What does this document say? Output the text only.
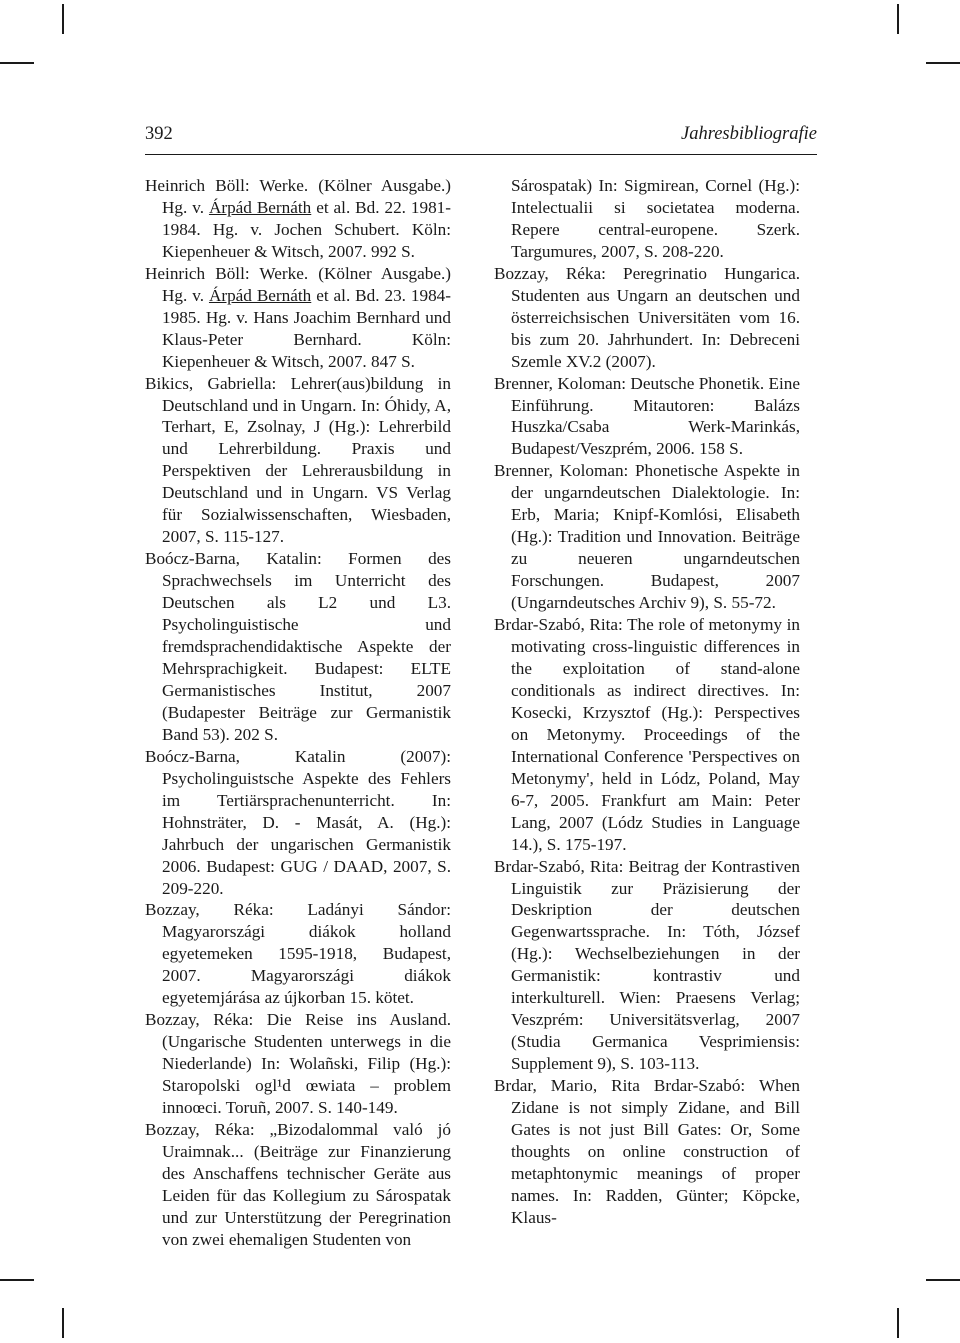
392	Jahresbibliografie

Heinrich Böll: Werke. (Kölner Ausgabe.) Hg. v. Árpád Bernáth et al. Bd. 22. 1981-1984. Hg. v. Jochen Schubert. Köln: Kiepenheuer & Witsch, 2007. 992 S.

Heinrich Böll: Werke. (Kölner Ausgabe.) Hg. v. Árpád Bernáth et al. Bd. 23. 1984-1985. Hg. v. Hans Joachim Bernhard und Klaus-Peter Bernhard. Köln: Kiepenheuer & Witsch, 2007. 847 S.

Bikics, Gabriella: Lehrer(aus)bildung in Deutschland und in Ungarn. In: Óhidy, A, Terhart, E, Zsolnay, J (Hg.): Lehrerbild und Lehrerbildung. Praxis und Perspektiven der Lehrerausbildung in Deutschland und in Ungarn. VS Verlag für Sozialwissenschaften, Wiesbaden, 2007, S. 115-127.

Boócz-Barna, Katalin: Formen des Sprachwechsels im Unterricht des Deutschen als L2 und L3. Psycholinguistische und fremdsprachendidaktische Aspekte der Mehrsprachigkeit. Budapest: ELTE Germanistisches Institut, 2007 (Budapester Beiträge zur Germanistik Band 53). 202 S.

Boócz-Barna, Katalin (2007): Psycholinguistsche Aspekte des Fehlers im Tertiärsprachenunterricht. In: Hohnsträter, D. - Masát, A. (Hg.): Jahrbuch der ungarischen Germanistik 2006. Budapest: GUG / DAAD, 2007, S. 209-220.

Bozzay, Réka: Ladányi Sándor: Magyarországi diákok holland egyetemeken 1595-1918, Budapest, 2007. Magyarországi diákok egyetemjárása az újkorban 15. kötet.

Bozzay, Réka: Die Reise ins Ausland. (Ungarische Studenten unterwegs in die Niederlande) In: Wolañski, Filip (Hg.): Staropolski ogl¹d œwiata – problem innoœci. Toruñ, 2007. S. 140-149.

Bozzay, Réka: „Bizodalommal való jó Uraimnak... (Beiträge zur Finanzierung des Anschaffens technischer Geräte aus Leiden für das Kollegium zu Sárospatak und zur Unterstützung der Peregrination von zwei ehemaligen Studenten von

Sárospatak) In: Sigmirean, Cornel (Hg.): Intelectualii si societatea moderna. Repere central-europene. Szerk. Targumures, 2007, S. 208-220.

Bozzay, Réka: Peregrinatio Hungarica. Studenten aus Ungarn an deutschen und österreichsischen Universitäten vom 16. bis zum 20. Jahrhundert. In: Debreceni Szemle XV.2 (2007).

Brenner, Koloman: Deutsche Phonetik. Eine Einführung. Mitautoren: Balázs Huszka/Csaba Werk-Marinkás, Budapest/Veszprém, 2006. 158 S.

Brenner, Koloman: Phonetische Aspekte in der ungarndeutschen Dialektologie. In: Erb, Maria; Knipf-Komlósi, Elisabeth (Hg.): Tradition und Innovation. Beiträge zu neueren ungarndeutschen Forschungen. Budapest, 2007 (Ungarndeutsches Archiv 9), S. 55-72.

Brdar-Szabó, Rita: The role of metonymy in motivating cross-linguistic differences in the exploitation of stand-alone conditionals as indirect directives. In: Kosecki, Krzysztof (Hg.): Perspectives on Metonymy. Proceedings of the International Conference 'Perspectives on Metonymy', held in Lódz, Poland, May 6-7, 2005. Frankfurt am Main: Peter Lang, 2007 (Lódz Studies in Language 14.), S. 175-197.

Brdar-Szabó, Rita: Beitrag der Kontrastiven Linguistik zur Präzisierung der Deskription der deutschen Gegenwartssprache. In: Tóth, József (Hg.): Wechselbeziehungen in der Germanistik: kontrastiv und interkulturell. Wien: Praesens Verlag; Veszprém: Universitätsverlag, 2007 (Studia Germanica Vesprimiensis: Supplement 9), S. 103-113.

Brdar, Mario, Rita Brdar-Szabó: When Zidane is not simply Zidane, and Bill Gates is not just Bill Gates: Or, Some thoughts on online construction of metaphtonymic meanings of proper names. In: Radden, Günter; Köpcke, Klaus-
